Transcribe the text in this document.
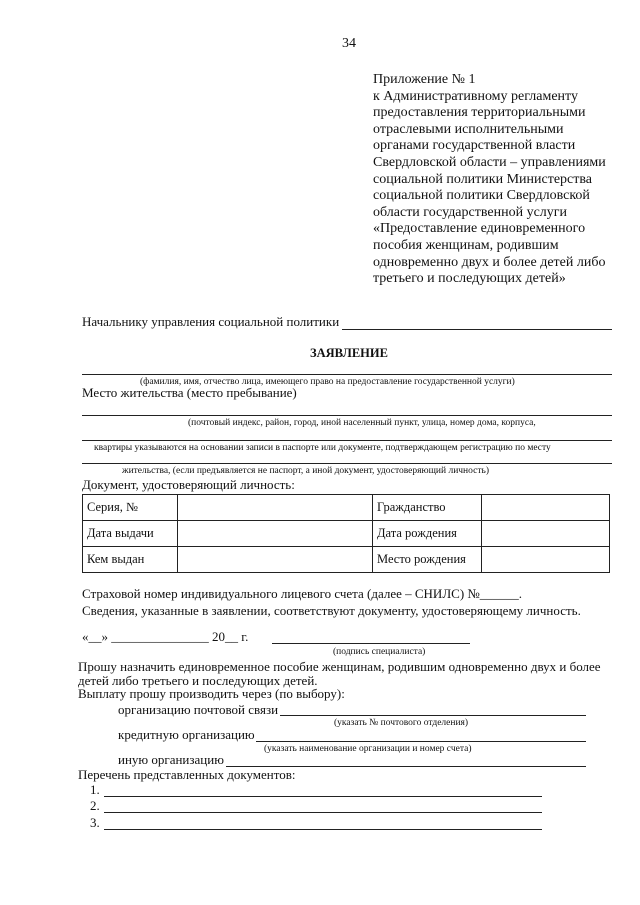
34
Приложение № 1
к Административному регламенту
предоставления территориальными
отраслевыми исполнительными
органами государственной власти
Свердловской области – управлениями
социальной политики Министерства
социальной политики Свердловской
области государственной услуги
«Предоставление единовременного
пособия женщинам, родившим
одновременно двух и более детей либо
третьего и последующих детей»
Начальнику управления социальной политики
ЗАЯВЛЕНИЕ
(фамилия, имя, отчество лица, имеющего право на предоставление государственной услуги)
Место жительства (место пребывание)
(почтовый индекс, район, город, иной населенный пункт, улица, номер дома, корпуса,
квартиры указываются на основании записи в паспорте или документе, подтверждающем регистрацию по месту
жительства, (если предъявляется не паспорт, а иной документ, удостоверяющий личность)
Документ, удостоверяющий личность:
Серия, №		Гражданство	
Дата выдачи		Дата рождения	
Кем выдан		Место рождения	
Страховой номер индивидуального лицевого счета (далее – СНИЛС) №______.
Сведения, указанные в заявлении, соответствуют документу, удостоверяющему личность.
«__» _______________ 20__ г.
(подпись специалиста)
Прошу назначить единовременное пособие женщинам, родившим одновременно двух и более
детей либо третьего и последующих детей.
Выплату прошу производить через (по выбору):
организацию почтовой связи
(указать № почтового отделения)
кредитную организацию
(указать наименование организации и номер счета)
иную организацию
Перечень представленных документов:
1.
2.
3.
